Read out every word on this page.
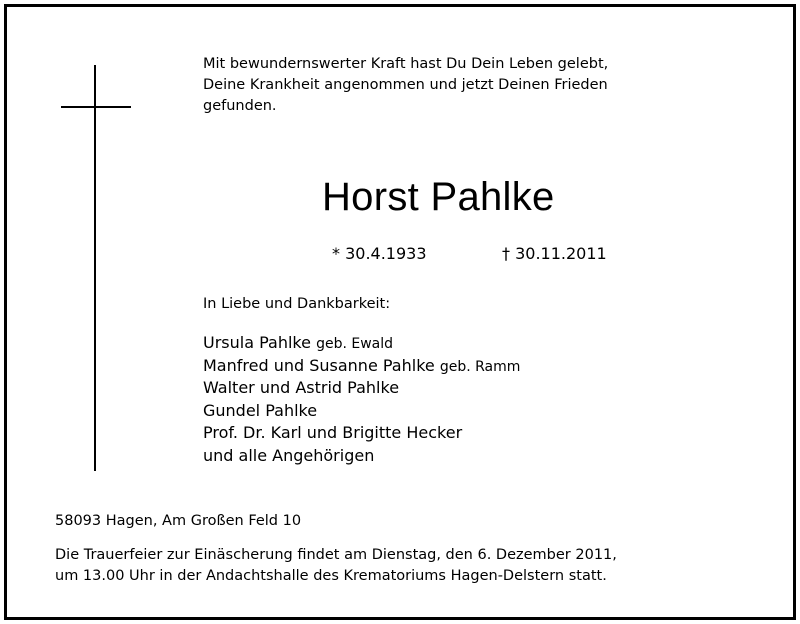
Mit bewundernswerter Kraft hast Du Dein Leben gelebt,
Deine Krankheit angenommen und jetzt Deinen Frieden
gefunden.
Horst Pahlke
* 30.4.1933	† 30.11.2011
In Liebe und Dankbarkeit:
Ursula Pahlke geb. Ewald
Manfred und Susanne Pahlke geb. Ramm
Walter und Astrid Pahlke
Gundel Pahlke
Prof. Dr. Karl und Brigitte Hecker
und alle Angehörigen
58093 Hagen, Am Großen Feld 10
Die Trauerfeier zur Einäscherung findet am Dienstag, den 6. Dezember 2011,
um 13.00 Uhr in der Andachtshalle des Krematoriums Hagen-Delstern statt.
